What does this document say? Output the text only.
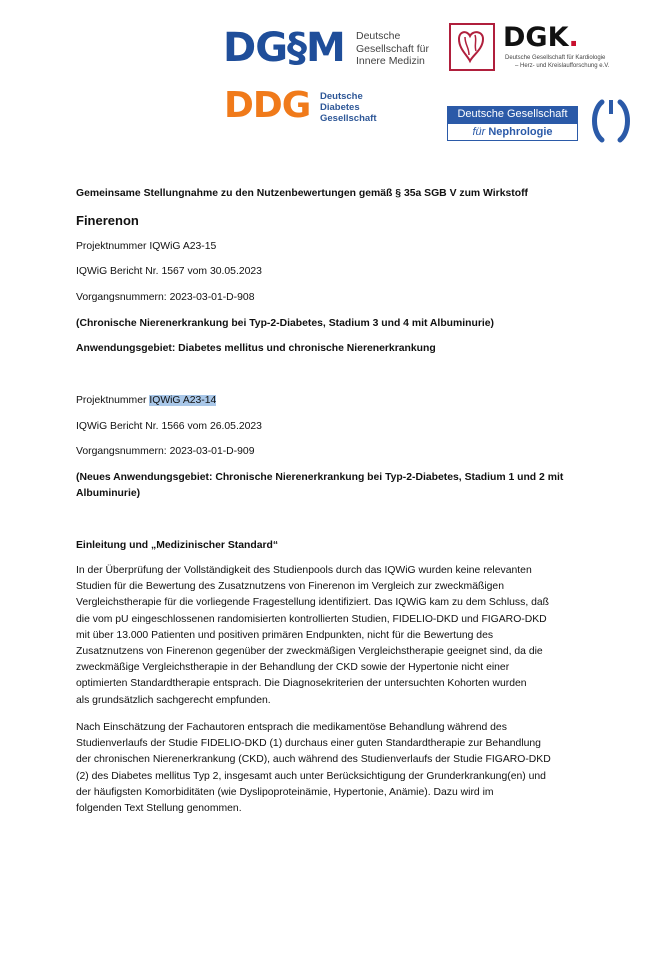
DG§M Deutsche
Gesellschaft für
Innere Medizin
DGK.
Deutsche Gesellschaft für Kardiologie
– Herz- und Kreislaufforschung e.V.
DDG Deutsche
Diabetes
Gesellschaft	Deutsche Gesellschaft
für Nephrologie
Gemeinsame Stellungnahme zu den Nutzenbewertungen gemäß § 35a SGB V zum Wirkstoff
Finerenon
Projektnummer IQWiG A23-15
IQWiG Bericht Nr. 1567 vom 30.05.2023
Vorgangsnummern: 2023-03-01-D-908
(Chronische Nierenerkrankung bei Typ-2-Diabetes, Stadium 3 und 4 mit Albuminurie)
Anwendungsgebiet: Diabetes mellitus und chronische Nierenerkrankung
Projektnummer IQWiG A23-14
IQWiG Bericht Nr. 1566 vom 26.05.2023
Vorgangsnummern: 2023-03-01-D-909
(Neues Anwendungsgebiet: Chronische Nierenerkrankung bei Typ-2-Diabetes, Stadium 1 und 2 mit
Albuminurie)
Einleitung und „Medizinischer Standard“
In der Überprüfung der Vollständigkeit des Studienpools durch das IQWiG wurden keine relevanten
Studien für die Bewertung des Zusatznutzens von Finerenon im Vergleich zur zweckmäßigen
Vergleichstherapie für die vorliegende Fragestellung identifiziert. Das IQWiG kam zu dem Schluss, daß
die vom pU eingeschlossenen randomisierten kontrollierten Studien, FIDELIO-DKD und FIGARO-DKD
mit über 13.000 Patienten und positiven primären Endpunkten, nicht für die Bewertung des
Zusatznutzens von Finerenon gegenüber der zweckmäßigen Vergleichstherapie geeignet sind, da die
zweckmäßige Vergleichstherapie in der Behandlung der CKD sowie der Hypertonie nicht einer
optimierten Standardtherapie entsprach. Die Diagnosekriterien der untersuchten Kohorten wurden
als grundsätzlich sachgerecht empfunden.
Nach Einschätzung der Fachautoren entsprach die medikamentöse Behandlung während des
Studienverlaufs der Studie FIDELIO-DKD (1) durchaus einer guten Standardtherapie zur Behandlung
der chronischen Nierenerkrankung (CKD), auch während des Studienverlaufs der Studie FIGARO-DKD
(2) des Diabetes mellitus Typ 2, insgesamt auch unter Berücksichtigung der Grunderkrankung(en) und
der häufigsten Komorbiditäten (wie Dyslipoproteinämie, Hypertonie, Anämie). Dazu wird im
folgenden Text Stellung genommen.
